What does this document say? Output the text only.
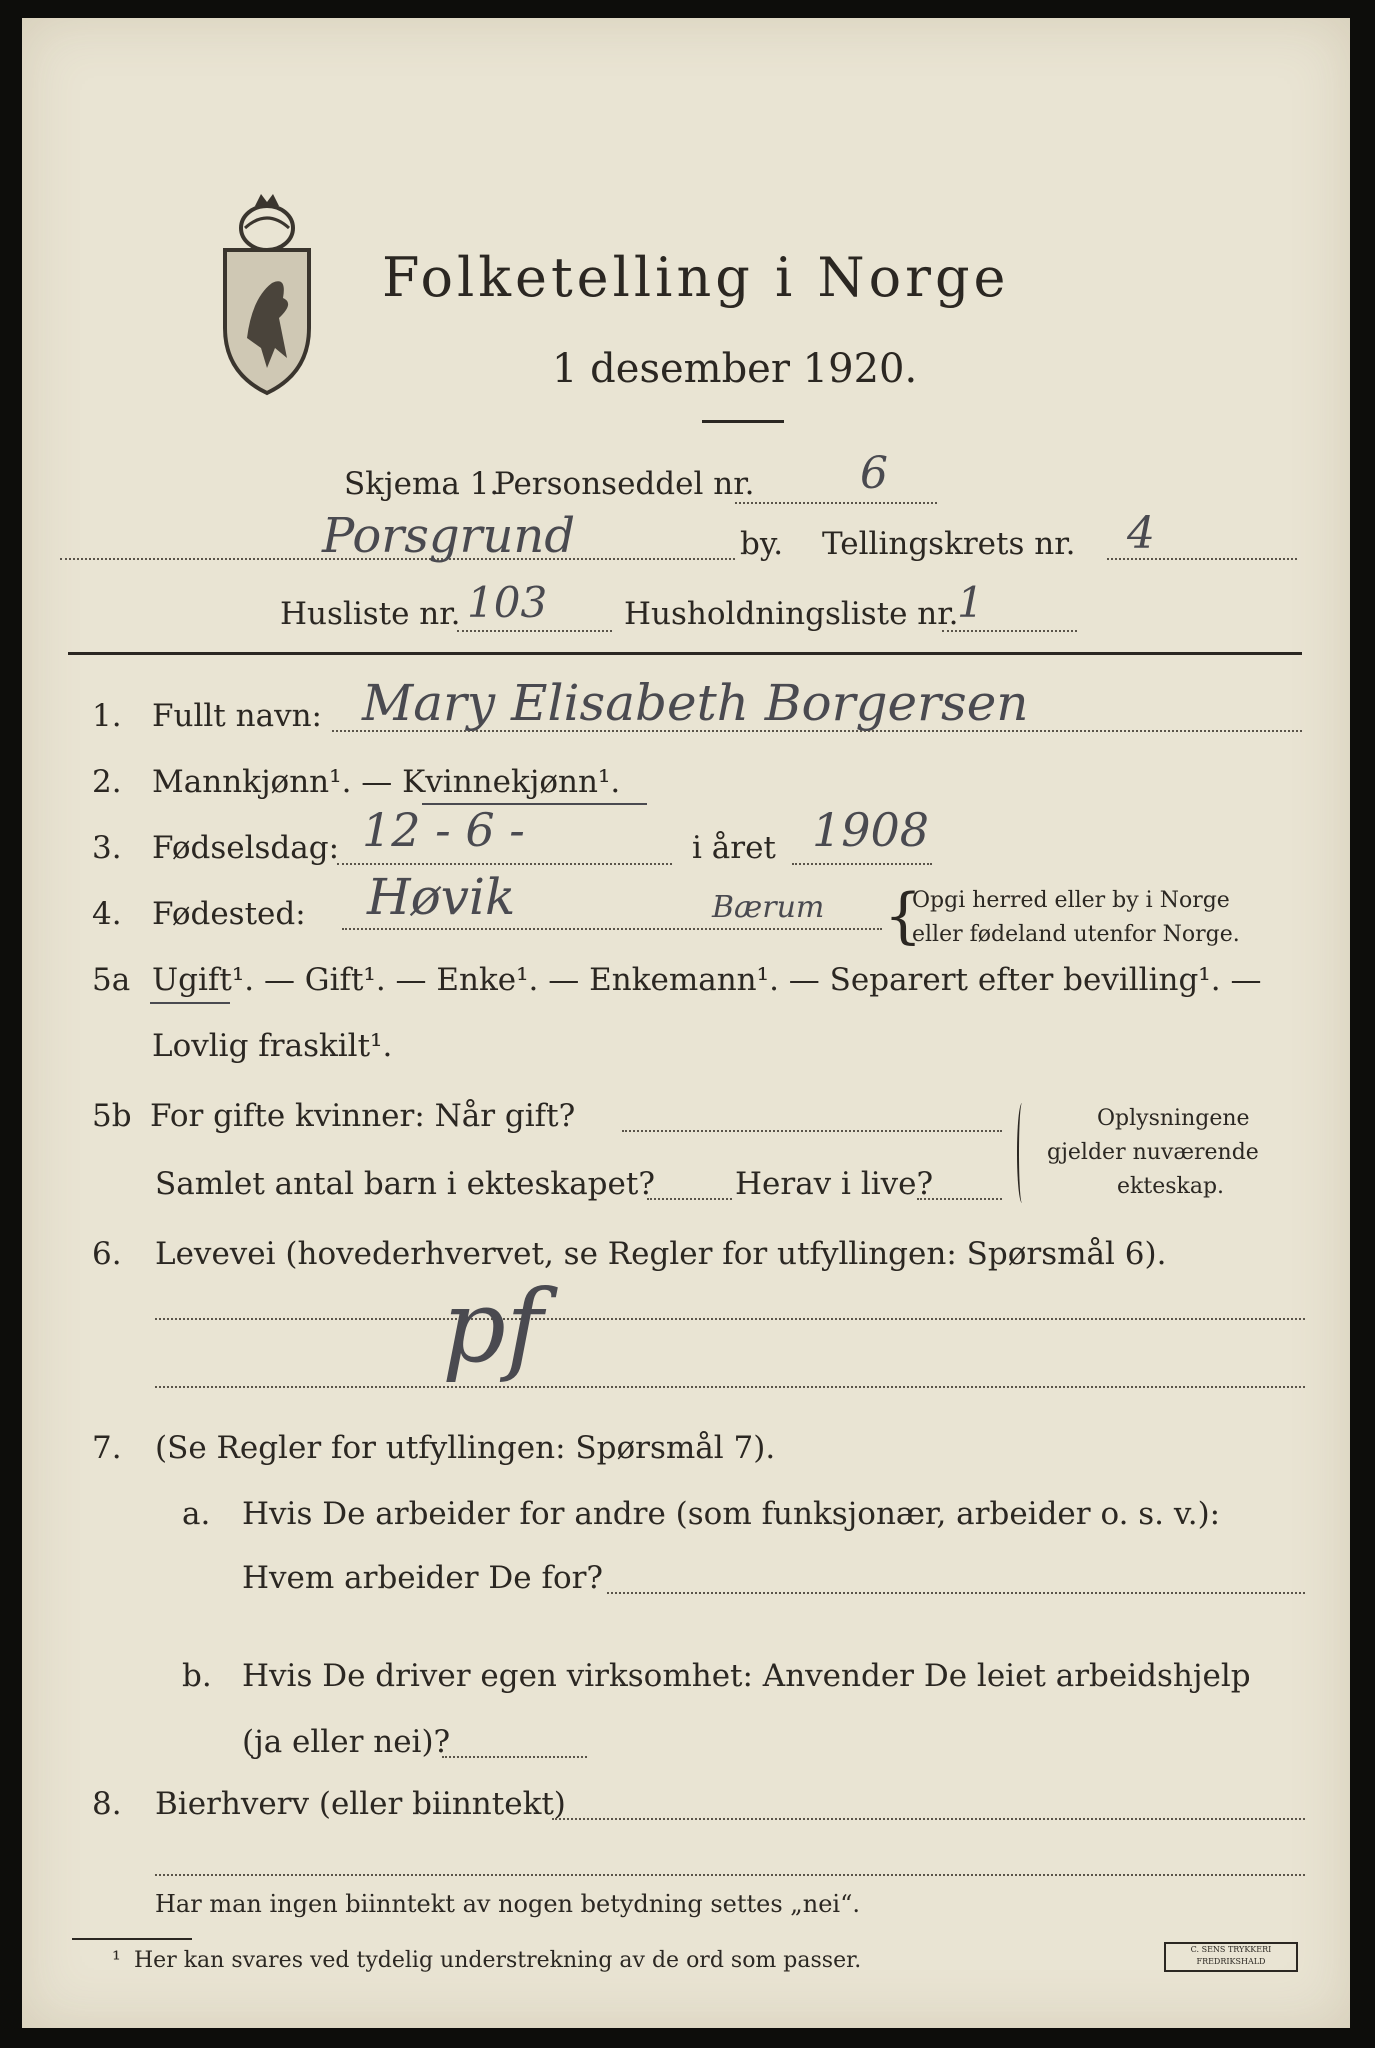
Folketelling i Norge
1 desember 1920.
Skjema 1.
Personseddel nr. 6
Porsgrund	by. Tellingskrets nr. 4
Husliste nr. 103 Husholdningsliste nr.
1
1. Fullt navn: Mary Elisabeth Borgersen
2. Mannkjønn¹. — Kvinnekjønn¹.
3. Fødselsdag: 12 - 6 -	i året 1908
4. Fødested: Høvik	Bærum {
Opgi herred eller by i Norge
eller fødeland utenfor Norge.
5a Ugift¹. — Gift¹. — Enke¹. — Enkemann¹. — Separert efter bevilling¹. —
Lovlig fraskilt¹.
5b For gifte kvinner: Når gift?
Samlet antal barn i ekteskapet?	Herav i live?
Oplysningene
gjelder nuværende
ekteskap.
6. Levevei (hovederhvervet, se Regler for utfyllingen: Spørsmål 6).
pf
7. (Se Regler for utfyllingen: Spørsmål 7).
a. Hvis De arbeider for andre (som funksjonær, arbeider o. s. v.):
Hvem arbeider De for?
b. Hvis De driver egen virksomhet: Anvender De leiet arbeidshjelp
(ja eller nei)?
8. Bierhverv (eller biinntekt)
Har man ingen biinntekt av nogen betydning settes „nei“.
¹ Her kan svares ved tydelig understrekning av de ord som passer.	C. SENS TRYKKERI FREDRIKSHALD
